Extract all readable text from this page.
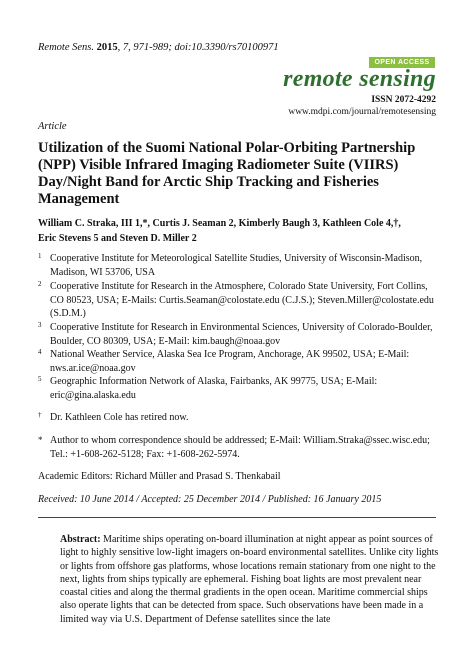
Remote Sens. 2015, 7, 971-989; doi:10.3390/rs70100971
OPEN ACCESS
remote sensing
ISSN 2072-4292
www.mdpi.com/journal/remotesensing
Article
Utilization of the Suomi National Polar-Orbiting Partnership (NPP) Visible Infrared Imaging Radiometer Suite (VIIRS) Day/Night Band for Arctic Ship Tracking and Fisheries Management
William C. Straka, III 1,*, Curtis J. Seaman 2, Kimberly Baugh 3, Kathleen Cole 4,†,
Eric Stevens 5 and Steven D. Miller 2
1 Cooperative Institute for Meteorological Satellite Studies, University of Wisconsin-Madison, Madison, WI 53706, USA
2 Cooperative Institute for Research in the Atmosphere, Colorado State University, Fort Collins, CO 80523, USA; E-Mails: Curtis.Seaman@colostate.edu (C.J.S.); Steven.Miller@colostate.edu (S.D.M.)
3 Cooperative Institute for Research in Environmental Sciences, University of Colorado-Boulder, Boulder, CO 80309, USA; E-Mail: kim.baugh@noaa.gov
4 National Weather Service, Alaska Sea Ice Program, Anchorage, AK 99502, USA; E-Mail: nws.ar.ice@noaa.gov
5 Geographic Information Network of Alaska, Fairbanks, AK 99775, USA; E-Mail: eric@gina.alaska.edu
† Dr. Kathleen Cole has retired now.
* Author to whom correspondence should be addressed; E-Mail: William.Straka@ssec.wisc.edu; Tel.: +1-608-262-5128; Fax: +1-608-262-5974.
Academic Editors: Richard Müller and Prasad S. Thenkabail
Received: 10 June 2014 / Accepted: 25 December 2014 / Published: 16 January 2015
Abstract: Maritime ships operating on-board illumination at night appear as point sources of light to highly sensitive low-light imagers on-board environmental satellites. Unlike city lights or lights from offshore gas platforms, whose locations remain stationary from one night to the next, lights from ships typically are ephemeral. Fishing boat lights are most prevalent near coastal cities and along the thermal gradients in the open ocean. Maritime commercial ships also operate lights that can be detected from space. Such observations have been made in a limited way via U.S. Department of Defense satellites since the late
